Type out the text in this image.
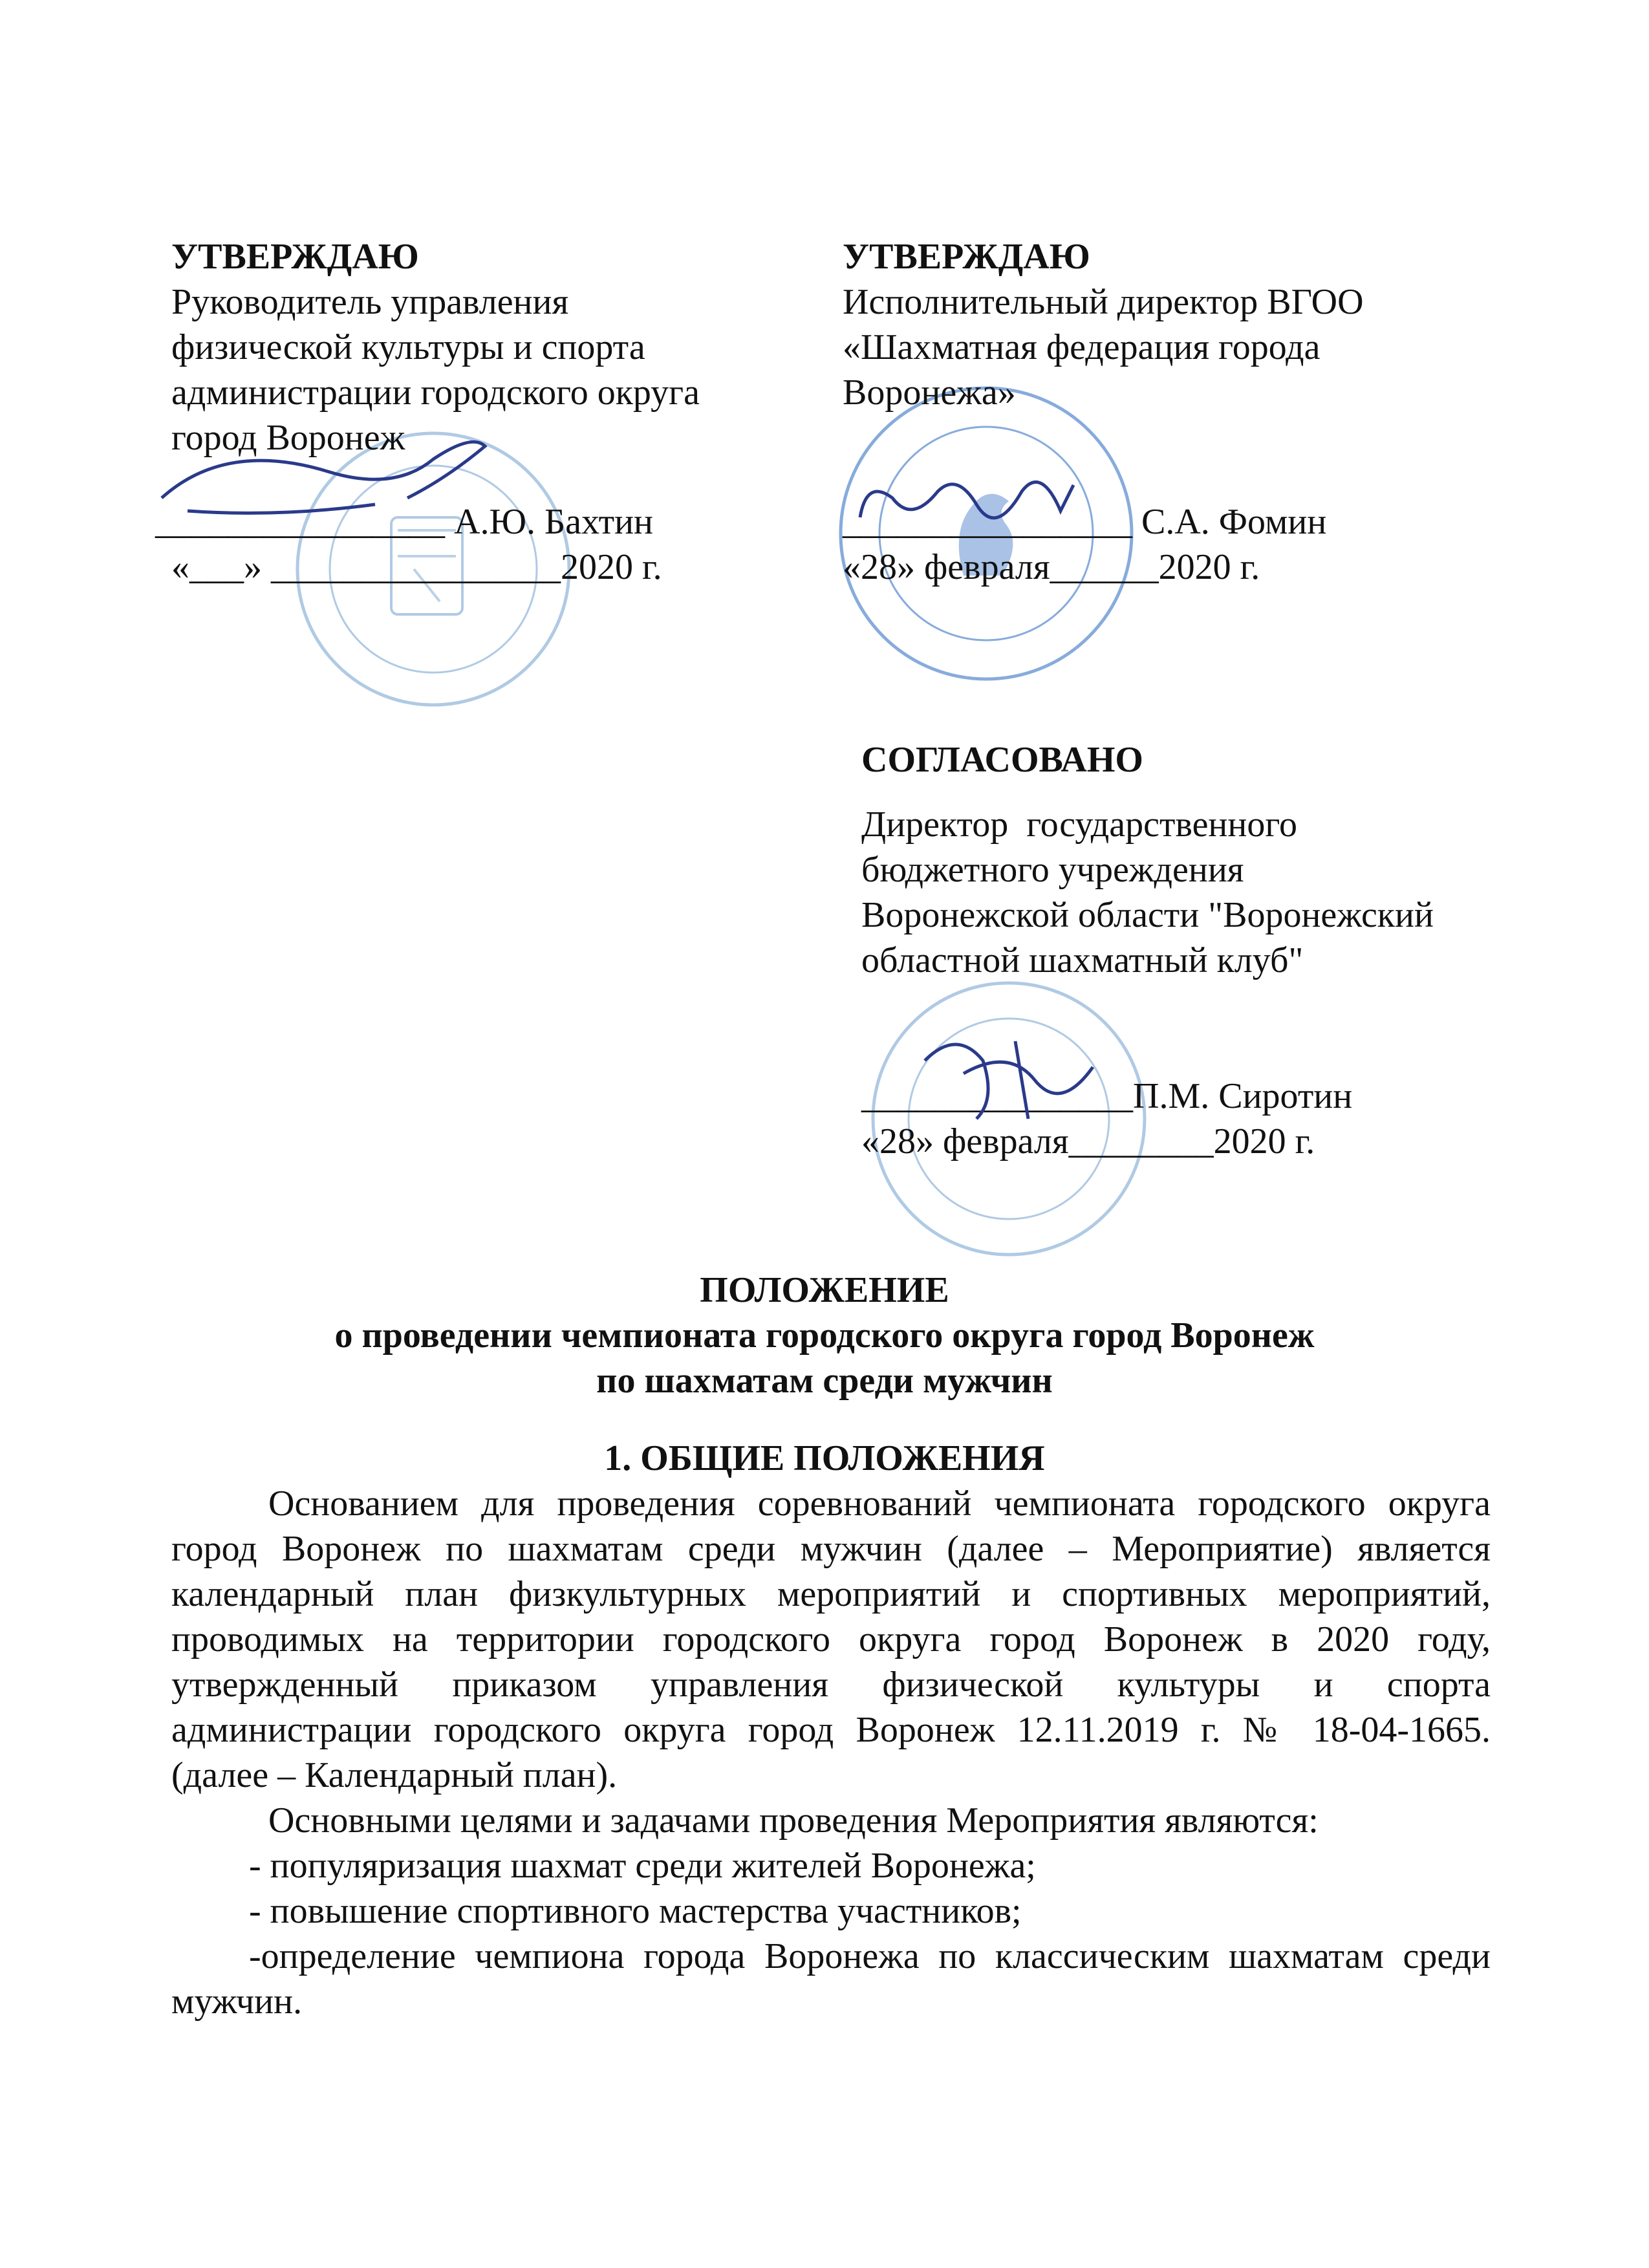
УТВЕРЖДАЮ
Руководитель управления
физической культуры и спорта
администрации городского округа
город Воронеж
________________ А.Ю. Бахтин
«___» ________________2020 г.
УТВЕРЖДАЮ
Исполнительный директор ВГОО
«Шахматная федерация города
Воронежа»
________________ С.А. Фомин
«28» февраля______2020 г.
СОГЛАСОВАНО
Директор  государственного
бюджетного учреждения
Воронежской области "Воронежский
областной шахматный клуб"
_______________П.М. Сиротин
«28» февраля________2020 г.
ПОЛОЖЕНИЕ
о проведении чемпионата городского округа город Воронеж
по шахматам среди мужчин
1. ОБЩИЕ ПОЛОЖЕНИЯ
Основанием для проведения соревнований чемпионата городского округа
город Воронеж по шахматам среди мужчин (далее – Мероприятие) является
календарный план физкультурных мероприятий и спортивных мероприятий,
проводимых на территории городского округа город Воронеж в 2020 году,
утвержденный приказом управления физической культуры и спорта
администрации городского округа город Воронеж 12.11.2019 г. № 18-04-1665.
(далее – Календарный план).
Основными целями и задачами проведения Мероприятия являются:
- популяризация шахмат среди жителей Воронежа;
- повышение спортивного мастерства участников;
-определение чемпиона города Воронежа по классическим шахматам среди
мужчин.
